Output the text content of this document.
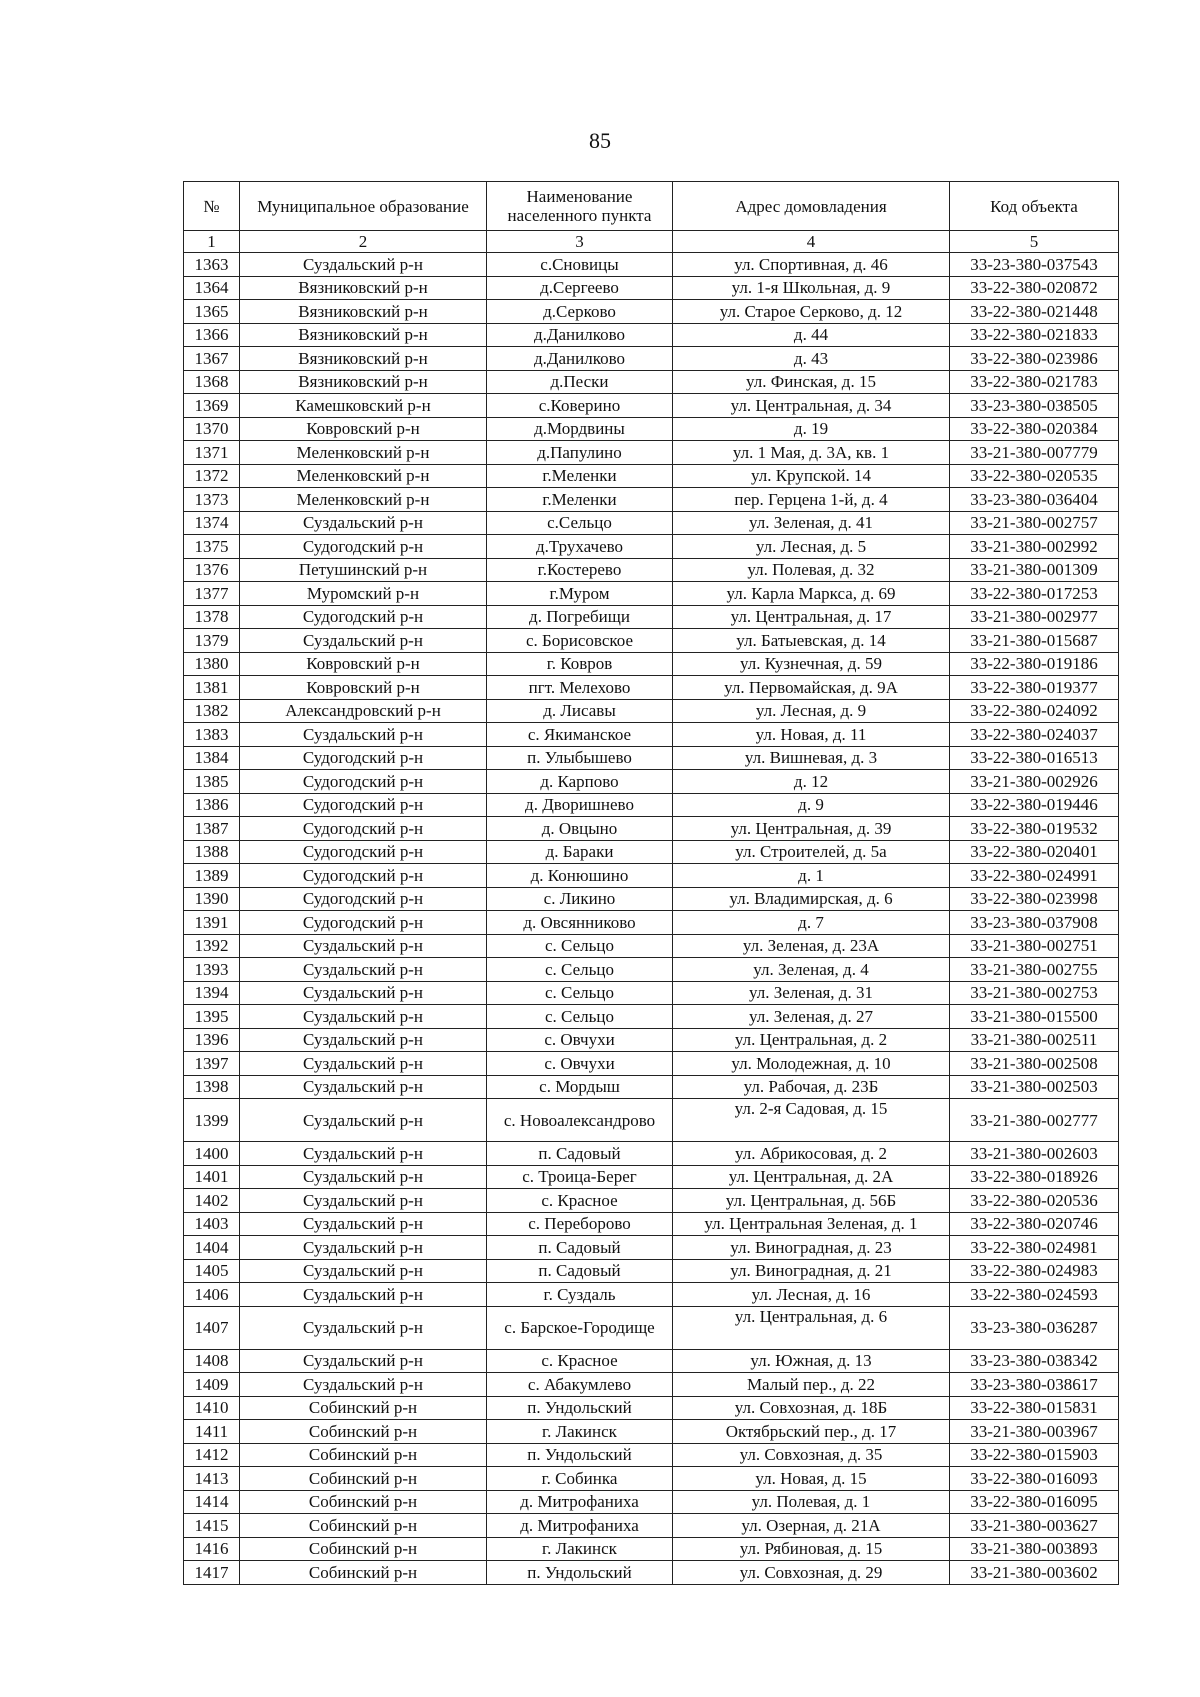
85
№	Муниципальное образование	Наименование населенного пункта	Адрес домовладения	Код объекта
1	2	3	4	5
1363	Суздальский р-н	с.Сновицы	ул. Спортивная, д. 46	33-23-380-037543
1364	Вязниковский р-н	д.Сергеево	ул. 1-я Школьная, д. 9	33-22-380-020872
1365	Вязниковский р-н	д.Серково	ул. Старое Серково, д. 12	33-22-380-021448
1366	Вязниковский р-н	д.Данилково	д. 44	33-22-380-021833
1367	Вязниковский р-н	д.Данилково	д. 43	33-22-380-023986
1368	Вязниковский р-н	д.Пески	ул. Финская, д. 15	33-22-380-021783
1369	Камешковский р-н	с.Коверино	ул. Центральная, д. 34	33-23-380-038505
1370	Ковровский р-н	д.Мордвины	д. 19	33-22-380-020384
1371	Меленковский р-н	д.Папулино	ул. 1 Мая, д. 3А, кв. 1	33-21-380-007779
1372	Меленковский р-н	г.Меленки	ул. Крупской. 14	33-22-380-020535
1373	Меленковский р-н	г.Меленки	пер. Герцена 1-й, д. 4	33-23-380-036404
1374	Суздальский р-н	с.Сельцо	ул. Зеленая, д. 41	33-21-380-002757
1375	Судогодский р-н	д.Трухачево	ул. Лесная, д. 5	33-21-380-002992
1376	Петушинский р-н	г.Костерево	ул. Полевая, д. 32	33-21-380-001309
1377	Муромский р-н	г.Муром	ул. Карла Маркса, д. 69	33-22-380-017253
1378	Судогодский р-н	д. Погребищи	ул. Центральная, д. 17	33-21-380-002977
1379	Суздальский р-н	с. Борисовское	ул. Батыевская, д. 14	33-21-380-015687
1380	Ковровский р-н	г. Ковров	ул. Кузнечная, д. 59	33-22-380-019186
1381	Ковровский р-н	пгт. Мелехово	ул. Первомайская, д. 9А	33-22-380-019377
1382	Александровский р-н	д. Лисавы	ул. Лесная, д. 9	33-22-380-024092
1383	Суздальский р-н	с. Якиманское	ул. Новая, д. 11	33-22-380-024037
1384	Судогодский р-н	п. Улыбышево	ул. Вишневая, д. 3	33-22-380-016513
1385	Судогодский р-н	д. Карпово	д. 12	33-21-380-002926
1386	Судогодский р-н	д. Дворишнево	д. 9	33-22-380-019446
1387	Судогодский р-н	д. Овцыно	ул. Центральная, д. 39	33-22-380-019532
1388	Судогодский р-н	д. Бараки	ул. Строителей, д. 5а	33-22-380-020401
1389	Судогодский р-н	д. Конюшино	д. 1	33-22-380-024991
1390	Судогодский р-н	с. Ликино	ул. Владимирская, д. 6	33-22-380-023998
1391	Судогодский р-н	д. Овсянниково	д. 7	33-23-380-037908
1392	Суздальский р-н	с. Сельцо	ул. Зеленая, д. 23А	33-21-380-002751
1393	Суздальский р-н	с. Сельцо	ул. Зеленая, д. 4	33-21-380-002755
1394	Суздальский р-н	с. Сельцо	ул. Зеленая, д. 31	33-21-380-002753
1395	Суздальский р-н	с. Сельцо	ул. Зеленая, д. 27	33-21-380-015500
1396	Суздальский р-н	с. Овчухи	ул. Центральная, д. 2	33-21-380-002511
1397	Суздальский р-н	с. Овчухи	ул. Молодежная, д. 10	33-21-380-002508
1398	Суздальский р-н	с. Мордыш	ул. Рабочая, д. 23Б	33-21-380-002503
1399	Суздальский р-н	с. Новоалександрово	ул. 2-я Садовая, д. 15	33-21-380-002777
1400	Суздальский р-н	п. Садовый	ул. Абрикосовая, д. 2	33-21-380-002603
1401	Суздальский р-н	с. Троица-Берег	ул. Центральная, д. 2А	33-22-380-018926
1402	Суздальский р-н	с. Красное	ул. Центральная, д. 56Б	33-22-380-020536
1403	Суздальский р-н	с. Переборово	ул. Центральная Зеленая, д. 1	33-22-380-020746
1404	Суздальский р-н	п. Садовый	ул. Виноградная, д. 23	33-22-380-024981
1405	Суздальский р-н	п. Садовый	ул. Виноградная, д. 21	33-22-380-024983
1406	Суздальский р-н	г. Суздаль	ул. Лесная, д. 16	33-22-380-024593
1407	Суздальский р-н	с. Барское-Городище	ул. Центральная, д. 6	33-23-380-036287
1408	Суздальский р-н	с. Красное	ул. Южная, д. 13	33-23-380-038342
1409	Суздальский р-н	с. Абакумлево	Малый пер., д. 22	33-23-380-038617
1410	Собинский р-н	п. Ундольский	ул. Совхозная, д. 18Б	33-22-380-015831
1411	Собинский р-н	г. Лакинск	Октябрьский пер., д. 17	33-21-380-003967
1412	Собинский р-н	п. Ундольский	ул. Совхозная, д. 35	33-22-380-015903
1413	Собинский р-н	г. Собинка	ул. Новая, д. 15	33-22-380-016093
1414	Собинский р-н	д. Митрофаниха	ул. Полевая, д. 1	33-22-380-016095
1415	Собинский р-н	д. Митрофаниха	ул. Озерная, д. 21А	33-21-380-003627
1416	Собинский р-н	г. Лакинск	ул. Рябиновая, д. 15	33-21-380-003893
1417	Собинский р-н	п. Ундольский	ул. Совхозная, д. 29	33-21-380-003602
